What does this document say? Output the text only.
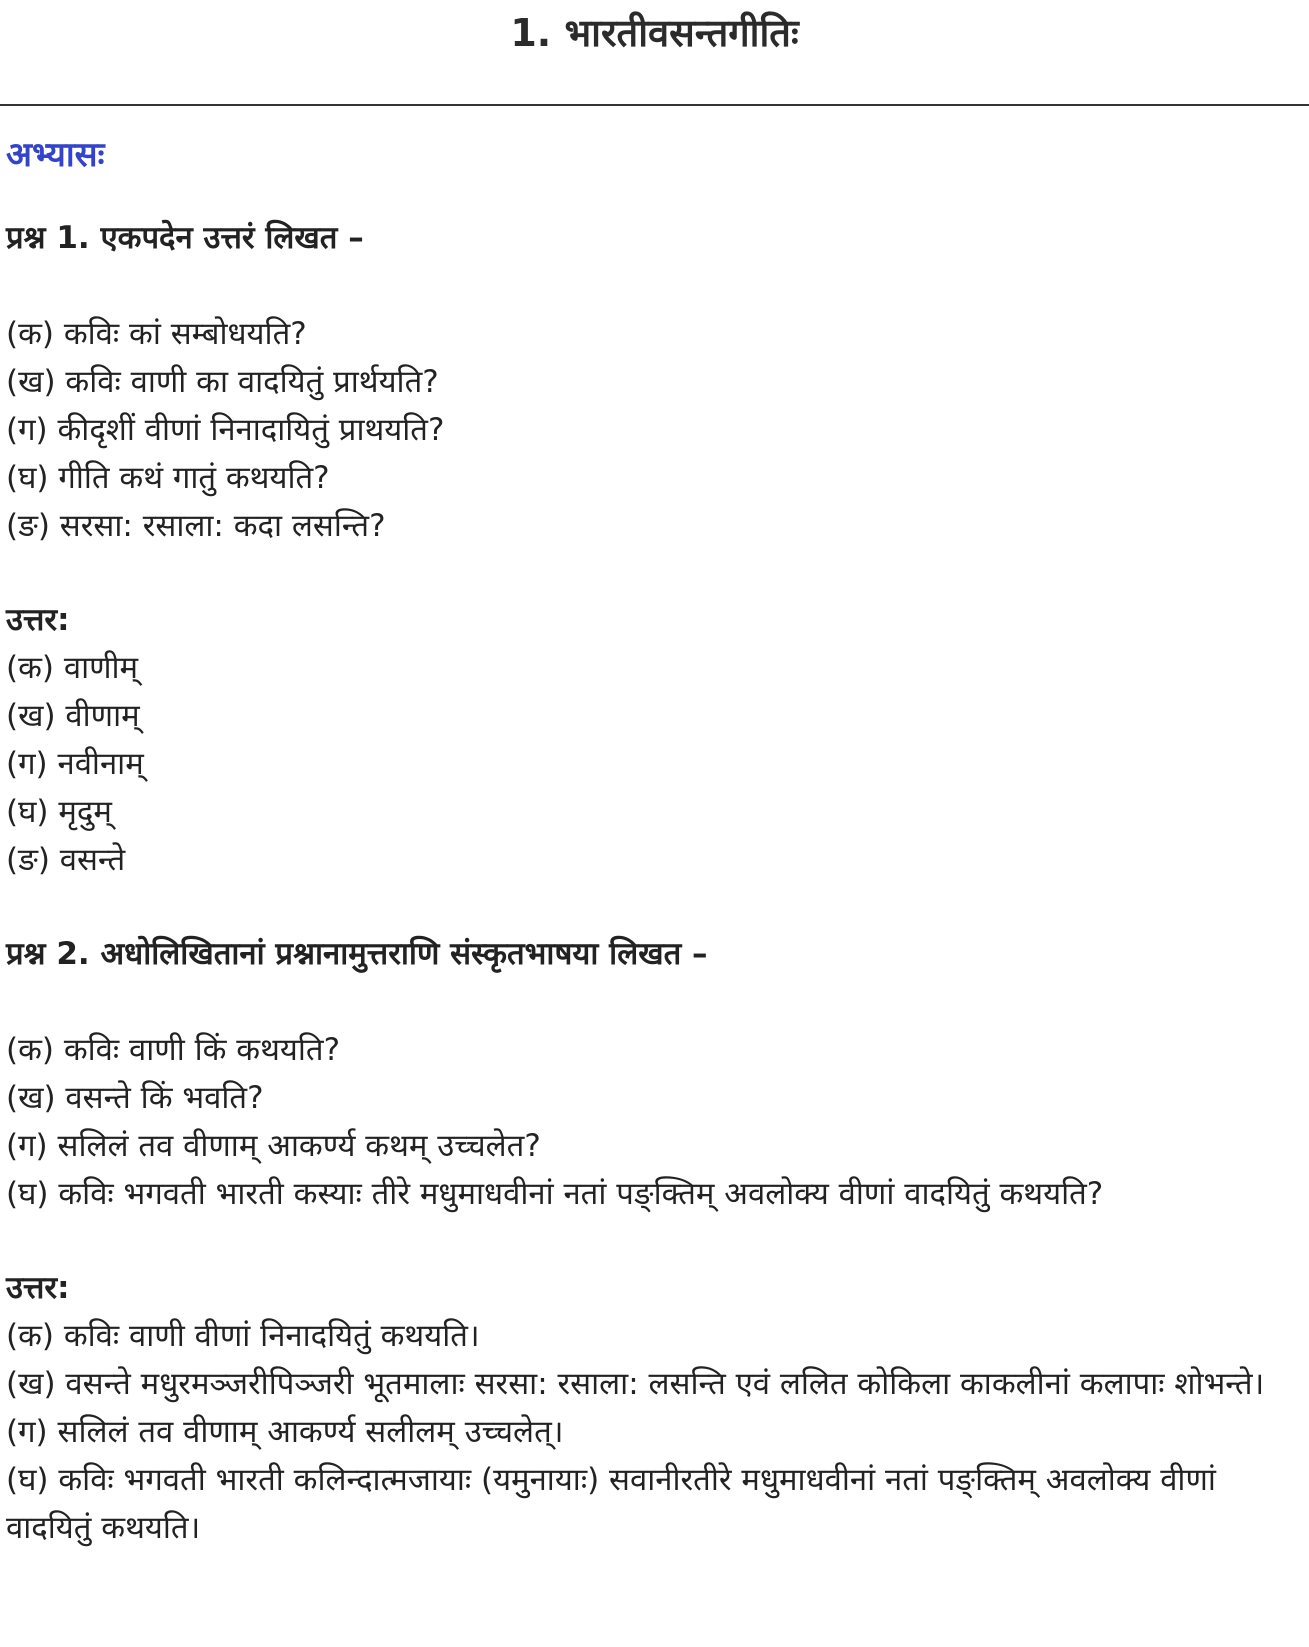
1. भारतीवसन्तगीतिः
अभ्यासः
प्रश्न 1. एकपदेन उत्तरं लिखत –
(क) कविः कां सम्बोधयति?
(ख) कविः वाणी का वादयितुं प्रार्थयति?
(ग) कीदृशीं वीणां निनादायितुं प्राथयति?
(घ) गीति कथं गातुं कथयति?
(ङ) सरसा: रसाला: कदा लसन्ति?
उत्तर:
(क) वाणीम्
(ख) वीणाम्
(ग) नवीनाम्
(घ) मृदुम्
(ङ) वसन्ते
प्रश्न 2. अधोलिखितानां प्रश्नानामुत्तराणि संस्कृतभाषया लिखत –
(क) कविः वाणी किं कथयति?
(ख) वसन्ते किं भवति?
(ग) सलिलं तव वीणाम् आकर्ण्य कथम् उच्चलेत?
(घ) कविः भगवती भारती कस्याः तीरे मधुमाधवीनां नतां पङ्क्तिम् अवलोक्य वीणां वादयितुं कथयति?
उत्तर:
(क) कविः वाणी वीणां निनादयितुं कथयति।
(ख) वसन्ते मधुरमञ्जरीपिञ्जरी भूतमालाः सरसा: रसाला: लसन्ति एवं ललित कोकिला काकलीनां कलापाः शोभन्ते।
(ग) सलिलं तव वीणाम् आकर्ण्य सलीलम् उच्चलेत्।
(घ) कविः भगवती भारती कलिन्दात्मजायाः (यमुनायाः) सवानीरतीरे मधुमाधवीनां नतां पङ्क्तिम् अवलोक्य वीणां वादयितुं कथयति।
